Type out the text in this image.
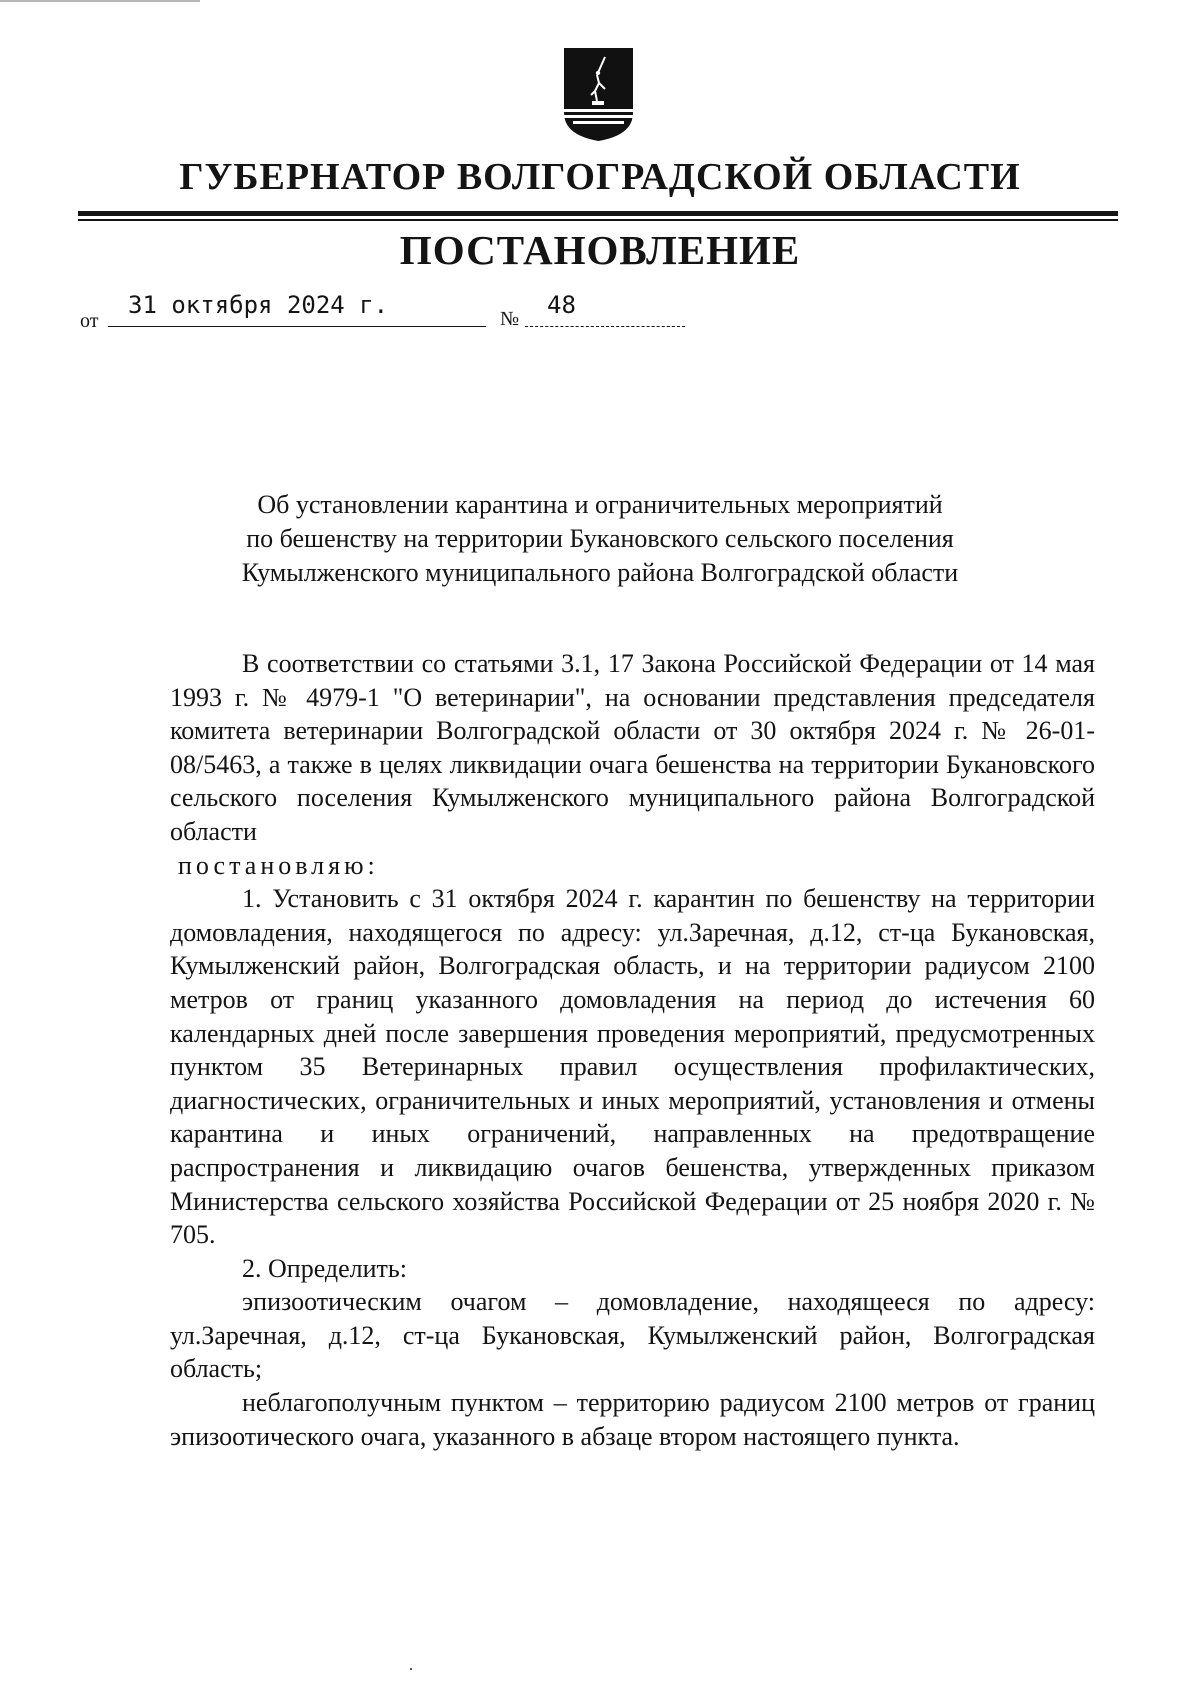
ГУБЕРНАТОР ВОЛГОГРАДСКОЙ ОБЛАСТИ
ПОСТАНОВЛЕНИЕ
от
31 октября 2024 г.	№ 48
Об установлении карантина и ограничительных мероприятий
по бешенству на территории Букановского сельского поселения
Кумылженского муниципального района Волгоградской области

В соответствии со статьями 3.1, 17 Закона Российской Федерации от 14 мая 1993 г. № 4979-1 "О ветеринарии", на основании представления председателя комитета ветеринарии Волгоградской области от 30 октября 2024 г. № 26-01-08/5463, а также в целях ликвидации очага бешенства на территории Букановского сельского поселения Кумылженского муниципального района Волгоградской области

постановляю:

1. Установить с 31 октября 2024 г. карантин по бешенству на территории домовладения, находящегося по адресу: ул.Заречная, д.12, ст-ца Букановская, Кумылженский район, Волгоградская область, и на территории радиусом 2100 метров от границ указанного домовладения на период до истечения 60 календарных дней после завершения проведения мероприятий, предусмотренных пунктом 35 Ветеринарных правил осуществления профилактических, диагностических, ограничительных и иных мероприятий, установления и отмены карантина и иных ограничений, направленных на предотвращение распространения и ликвидацию очагов бешенства, утвержденных приказом Министерства сельского хозяйства Российской Федерации от 25 ноября 2020 г. № 705.

2. Определить:

эпизоотическим очагом – домовладение, находящееся по адресу: ул.Заречная, д.12, ст-ца Букановская, Кумылженский район, Волгоградская область;

неблагополучным пунктом – территорию радиусом 2100 метров от границ эпизоотического очага, указанного в абзаце втором настоящего пункта.
